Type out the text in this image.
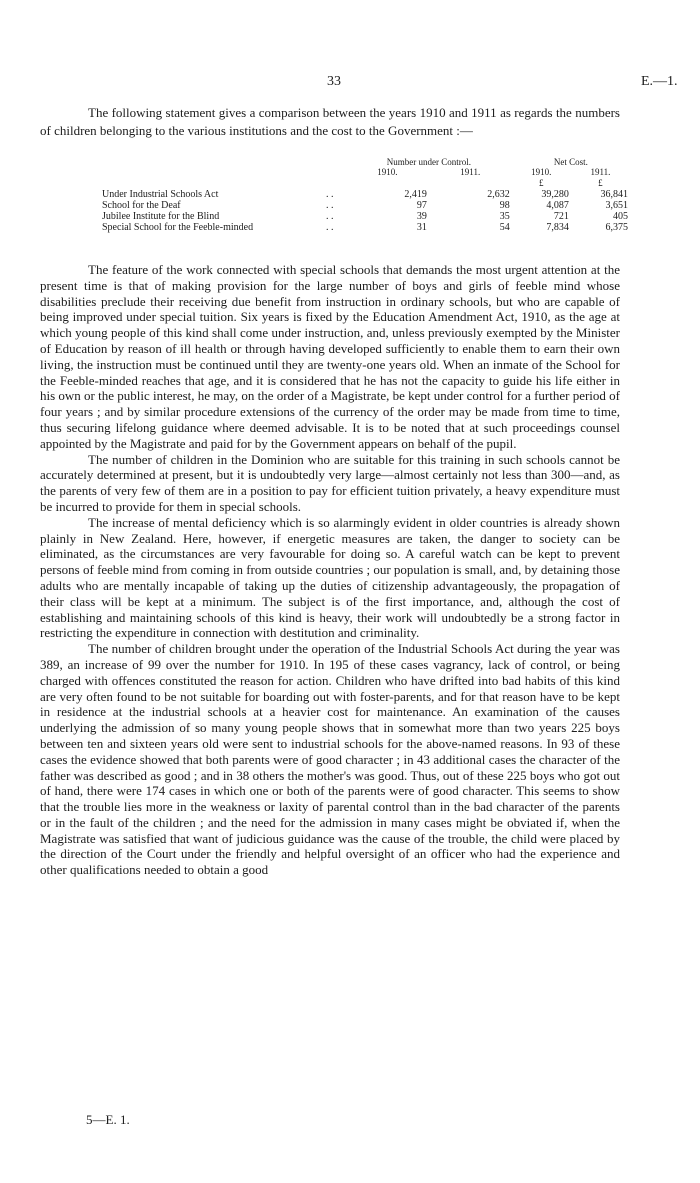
33	E.—1.

The following statement gives a comparison between the years 1910 and 1911 as regards the numbers of children belonging to the various institutions and the cost to the Government :—

		Number under Control.		Net Cost.	
		1910.	1911.	1910.	1911.
				£	£
Under Industrial Schools Act	. .	2,419	2,632	39,280	36,841
School for the Deaf	. .	97	98	4,087	3,651
Jubilee Institute for the Blind	. .	39	35	721	405
Special School for the Feeble-minded	. .	31	54	7,834	6,375

The feature of the work connected with special schools that demands the most urgent attention at the present time is that of making provision for the large number of boys and girls of feeble mind whose disabilities preclude their receiving due benefit from instruction in ordinary schools, but who are capable of being improved under special tuition. Six years is fixed by the Education Amendment Act, 1910, as the age at which young people of this kind shall come under instruction, and, unless previously exempted by the Minister of Education by reason of ill health or through having developed sufficiently to enable them to earn their own living, the instruction must be continued until they are twenty-one years old. When an inmate of the School for the Feeble-minded reaches that age, and it is considered that he has not the capacity to guide his life either in his own or the public interest, he may, on the order of a Magistrate, be kept under control for a further period of four years ; and by similar procedure extensions of the currency of the order may be made from time to time, thus securing lifelong guidance where deemed advisable. It is to be noted that at such proceedings counsel appointed by the Magistrate and paid for by the Government appears on behalf of the pupil.

The number of children in the Dominion who are suitable for this training in such schools cannot be accurately determined at present, but it is undoubtedly very large—almost certainly not less than 300—and, as the parents of very few of them are in a position to pay for efficient tuition privately, a heavy expenditure must be incurred to provide for them in special schools.

The increase of mental deficiency which is so alarmingly evident in older countries is already shown plainly in New Zealand. Here, however, if energetic measures are taken, the danger to society can be eliminated, as the circumstances are very favourable for doing so. A careful watch can be kept to prevent persons of feeble mind from coming in from outside countries ; our population is small, and, by detaining those adults who are mentally incapable of taking up the duties of citizenship advantageously, the propagation of their class will be kept at a minimum. The subject is of the first importance, and, although the cost of establishing and maintaining schools of this kind is heavy, their work will undoubtedly be a strong factor in restricting the expenditure in connection with destitution and criminality.

The number of children brought under the operation of the Industrial Schools Act during the year was 389, an increase of 99 over the number for 1910. In 195 of these cases vagrancy, lack of control, or being charged with offences constituted the reason for action. Children who have drifted into bad habits of this kind are very often found to be not suitable for boarding out with foster-parents, and for that reason have to be kept in residence at the industrial schools at a heavier cost for maintenance. An examination of the causes underlying the admission of so many young people shows that in somewhat more than two years 225 boys between ten and sixteen years old were sent to industrial schools for the above-named reasons. In 93 of these cases the evidence showed that both parents were of good character ; in 43 additional cases the character of the father was described as good ; and in 38 others the mother's was good. Thus, out of these 225 boys who got out of hand, there were 174 cases in which one or both of the parents were of good character. This seems to show that the trouble lies more in the weakness or laxity of parental control than in the bad character of the parents or in the fault of the children ; and the need for the admission in many cases might be obviated if, when the Magistrate was satisfied that want of judicious guidance was the cause of the trouble, the child were placed by the direction of the Court under the friendly and helpful oversight of an officer who had the experience and other qualifications needed to obtain a good

5—E. 1.
